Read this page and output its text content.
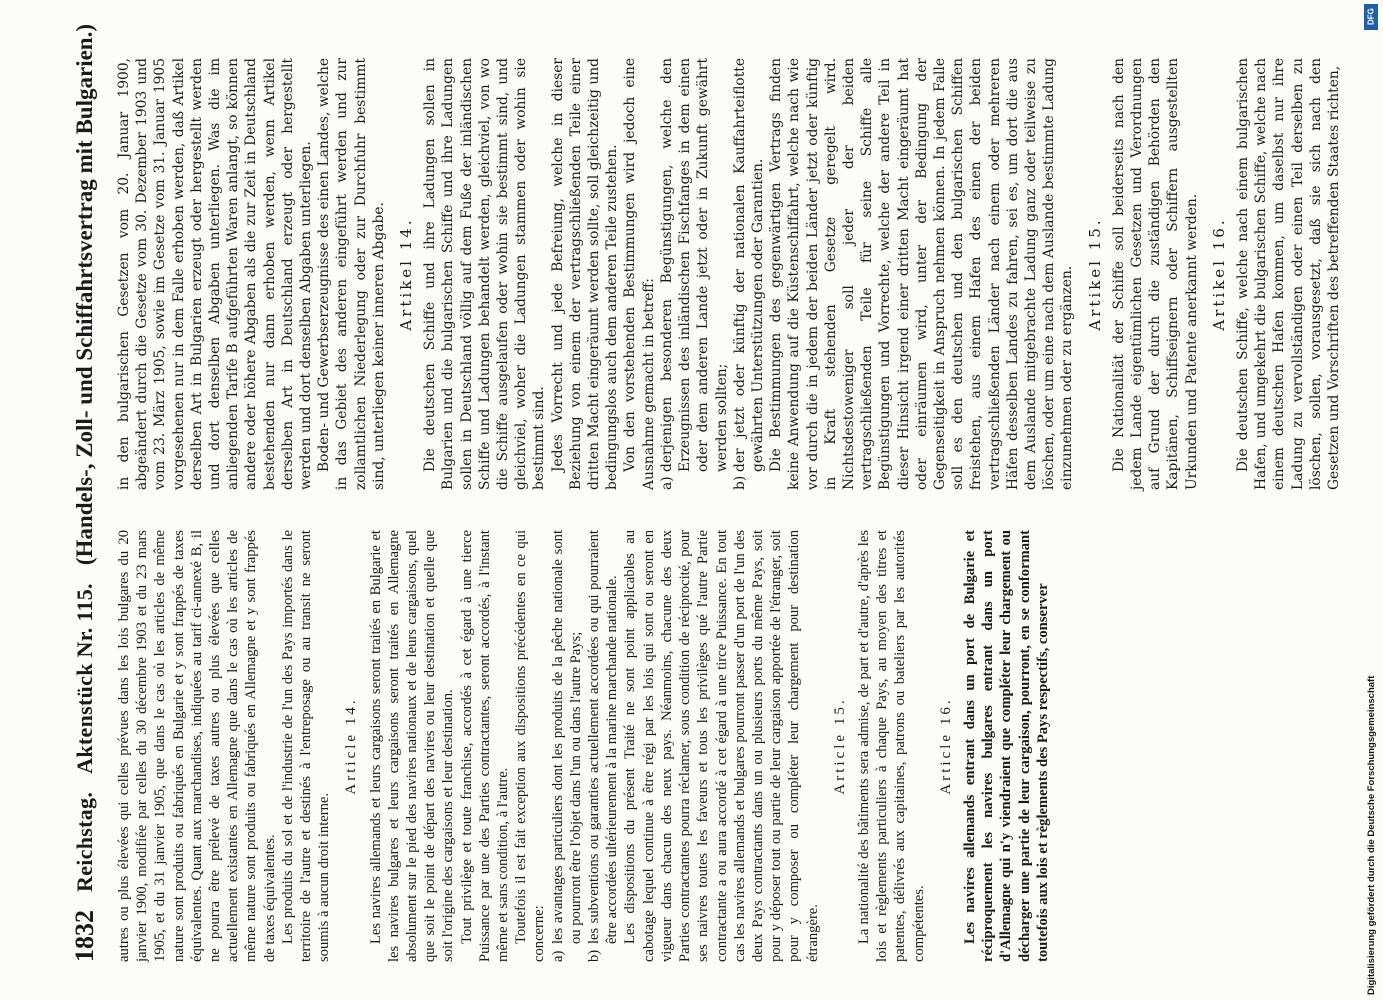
1832
Reichstag.
Aktenstück Nr. 115.
(Handels-, Zoll- und Schiffahrtsvertrag mit Bulgarien.)

autres ou plus élevées qui celles prévues dans les lois bulgares du 20 janvier 1900, modifiée par celles du 30 décembre 1903 et du 23 mars 1905, et du 31 janvier 1905, que dans le cas où les articles de même nature sont produits ou fabriqués en Bulgarie et y sont frappés de taxes équivalentes. Quant aux marchandises, indiquées au tarif ci-annexé B, il ne pourra être prélevé de taxes autres ou plus élevées que celles actuellement existantes en Allemagne que dans le cas où les articles de même nature sont produits ou fabriqués en Allemagne et y sont frappés de taxes équivalentes. Les produits du sol et de l'industrie de l'un des Pays importés dans le territoire de l'autre et destinés à l'entreposage ou au transit ne seront soumis à aucun droit interne.

Article 14. Les navires allemands et leurs cargaisons seront traités en Bulgarie et les navires bulgares et leurs cargaisons seront traités en Allemagne absolument sur le pied des navires nationaux et de leurs cargaisons, quel que soit le point de départ des navires ou leur destination et quelle que soit l'origine des cargaisons et leur destination. Tout privilège et toute franchise, accordés à cet égard à une tierce Puissance par une des Parties contractantes, seront accordés, à l'instant même et sans condition, à l'autre. Toutefois il est fait exception aux dispositions précédentes en ce qui concerne: a)les avantages particuliers dont les produits de la pêche nationale sont ou pourront être l'objet dans l'un ou dans l'autre Pays;
b)les subventions ou garanties actuellement accordées ou qui pourraient être accordées ultérieurement à la marine marchande nationale. Les dispositions du présent Traité ne sont point applicables au cabotage lequel continue à être régi par les lois qui sont ou seront en vigueur dans chacun des neux pays. Néanmoins, chacune des deux Parties contractantes pourra réclamer, sous condition de réciprocité, pour ses naivres toutes les faveurs et tous les privilèges qué l'autre Partie contractante a ou aura accordé à cet égard à une tirce Puissance. En tout cas les navires allemands et bulgares pourront passer d'un port de l'un des deux Pays contractants dans un ou plusieurs ports du même Pays, soit pour y déposer tout ou partie de leur cargaison apportée de l'étranger, soit pour y composer ou compléter leur chargement pour destination étrangère.

Article 15. La nationalité des bâtiments sera admise, de part et d'autre, d'après les lois et règlements particuliers à chaque Pays, au moyen des titres et patentes, délivrés aux capitaines, patrons ou bateliers par les autorités compétentes.

Article 16. Les navires allemands entrant dans un port de Bulgarie et réciproquement les navires bulgares entrant dans un port d'Allemagne qui n'y viendraient que compléter leur chargement ou décharger une partie de leur cargaison, pourront, en se conformant toutefois aux lois et règlements des Pays respectifs, conserver

in den bulgarischen Gesetzen vom 20. Januar 1900, abgeändert durch die Gesetze vom 30. Dezember 1903 und vom 23. März 1905, sowie im Gesetze vom 31. Januar 1905 vorgesehenen nur in dem Falle erhoben werden, daß Artikel derselben Art in Bulgarien erzeugt oder hergestellt werden und dort denselben Abgaben unterliegen. Was die im anliegenden Tarife B aufgeführten Waren anlangt, so können andere oder höhere Abgaben als die zur Zeit in Deutschland bestehenden nur dann erhoben werden, wenn Artikel derselben Art in Deutschland erzeugt oder hergestellt werden und dort denselben Abgaben unterliegen. Boden- und Gewerbserzeugnisse des einen Landes, welche in das Gebiet des anderen eingeführt werden und zur zollamtlichen Niederlegung oder zur Durchfuhr bestimmt sind, unterliegen keiner inneren Abgabe. Artikel 14. Die deutschen Schiffe und ihre Ladungen sollen in Bulgarien und die bulgarischen Schiffe und ihre Ladungen sollen in Deutschland völlig auf dem Fuße der inländischen Schiffe und Ladungen behandelt werden, gleichviel, von wo die Schiffe ausgelaufen oder wohin sie bestimmt sind, und gleichviel, woher die Ladungen stammen oder wohin sie bestimmt sind. Jedes Vorrecht und jede Befreiung, welche in dieser Beziehung von einem der vertragschließenden Teile einer dritten Macht eingeräumt werden sollte, soll gleichzeitig und bedingungslos auch dem anderen Teile zustehen. Von den vorstehenden Bestimmungen wird jedoch eine Ausnahme gemacht in betreff: a)derjenigen besonderen Begünstigungen, welche den Erzeugnissen des inländischen Fischfanges in dem einen oder dem anderen Lande jetzt oder in Zukunft gewährt werden sollten;
b)der jetzt oder künftig der nationalen Kauffahrteiflotte gewährten Unterstützungen oder Garantien. Die Bestimmungen des gegenwärtigen Vertrags finden keine Anwendung auf die Küstenschiffahrt, welche nach wie vor durch die in jedem der beiden Länder jetzt oder künftig in Kraft stehenden Gesetze geregelt wird. Nichtsdestoweniger soll jeder der beiden vertragschließenden Teile für seine Schiffe alle Begünstigungen und Vorrechte, welche der andere Teil in dieser Hinsicht irgend einer dritten Macht eingeräumt hat oder einräumen wird, unter der Bedingung der Gegenseitigkeit in Anspruch nehmen können. In jedem Falle soll es den deutschen und den bulgarischen Schiffen freistehen, aus einem Hafen des einen der beiden vertragschließenden Länder nach einem oder mehreren Häfen desselben Landes zu fahren, sei es, um dort die aus dem Auslande mitgebrachte Ladung ganz oder teilweise zu löschen, oder um eine nach dem Auslande bestimmte Ladung einzunehmen oder zu ergänzen. Artikel 15. Die Nationalität der Schiffe soll beiderseits nach den jedem Lande eigentümlichen Gesetzen und Verordnungen auf Grund der durch die zuständigen Behörden den Kapitänen, Schiffseignern oder Schiffern ausgestellten Urkunden und Patente anerkannt werden. Artikel 16. Die deutschen Schiffe, welche nach einem bulgarischen Hafen, und umgekehrt die bulgarischen Schiffe, welche nach einem deutschen Hafen kommen, um daselbst nur ihre Ladung zu vervollständigen oder einen Teil derselben zu löschen, sollen, vorausgesetzt, daß sie sich nach den Gesetzen und Vorschriften des betreffenden Staates richten,

DFG
Digitalisierung gefördert durch die Deutsche Forschungsgemeinschaft
